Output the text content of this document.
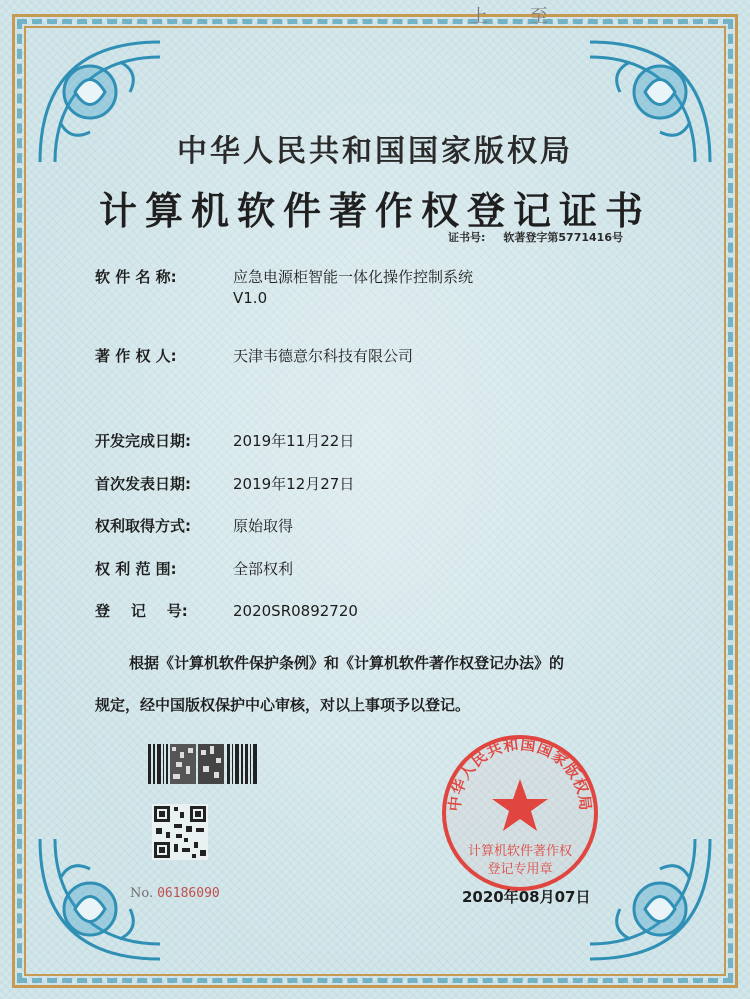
上 至
中华人民共和国国家版权局
计算机软件著作权登记证书
证书号: 软著登字第5771416号
软 件 名 称:	应急电源柜智能一体化操作控制系统
V1.0
著 作 权 人:	天津韦德意尔科技有限公司
开发完成日期:	2019年11月22日
首次发表日期:	2019年12月27日
权利取得方式:	原始取得
权 利 范 围:	全部权利
登    记    号:	2020SR0892720
根据《计算机软件保护条例》和《计算机软件著作权登记办法》的
规定，经中国版权保护中心审核，对以上事项予以登记。
No. 06186090
中华人民共和国国家版权局
计算机软件著作权
登记专用章
2020年08月07日
